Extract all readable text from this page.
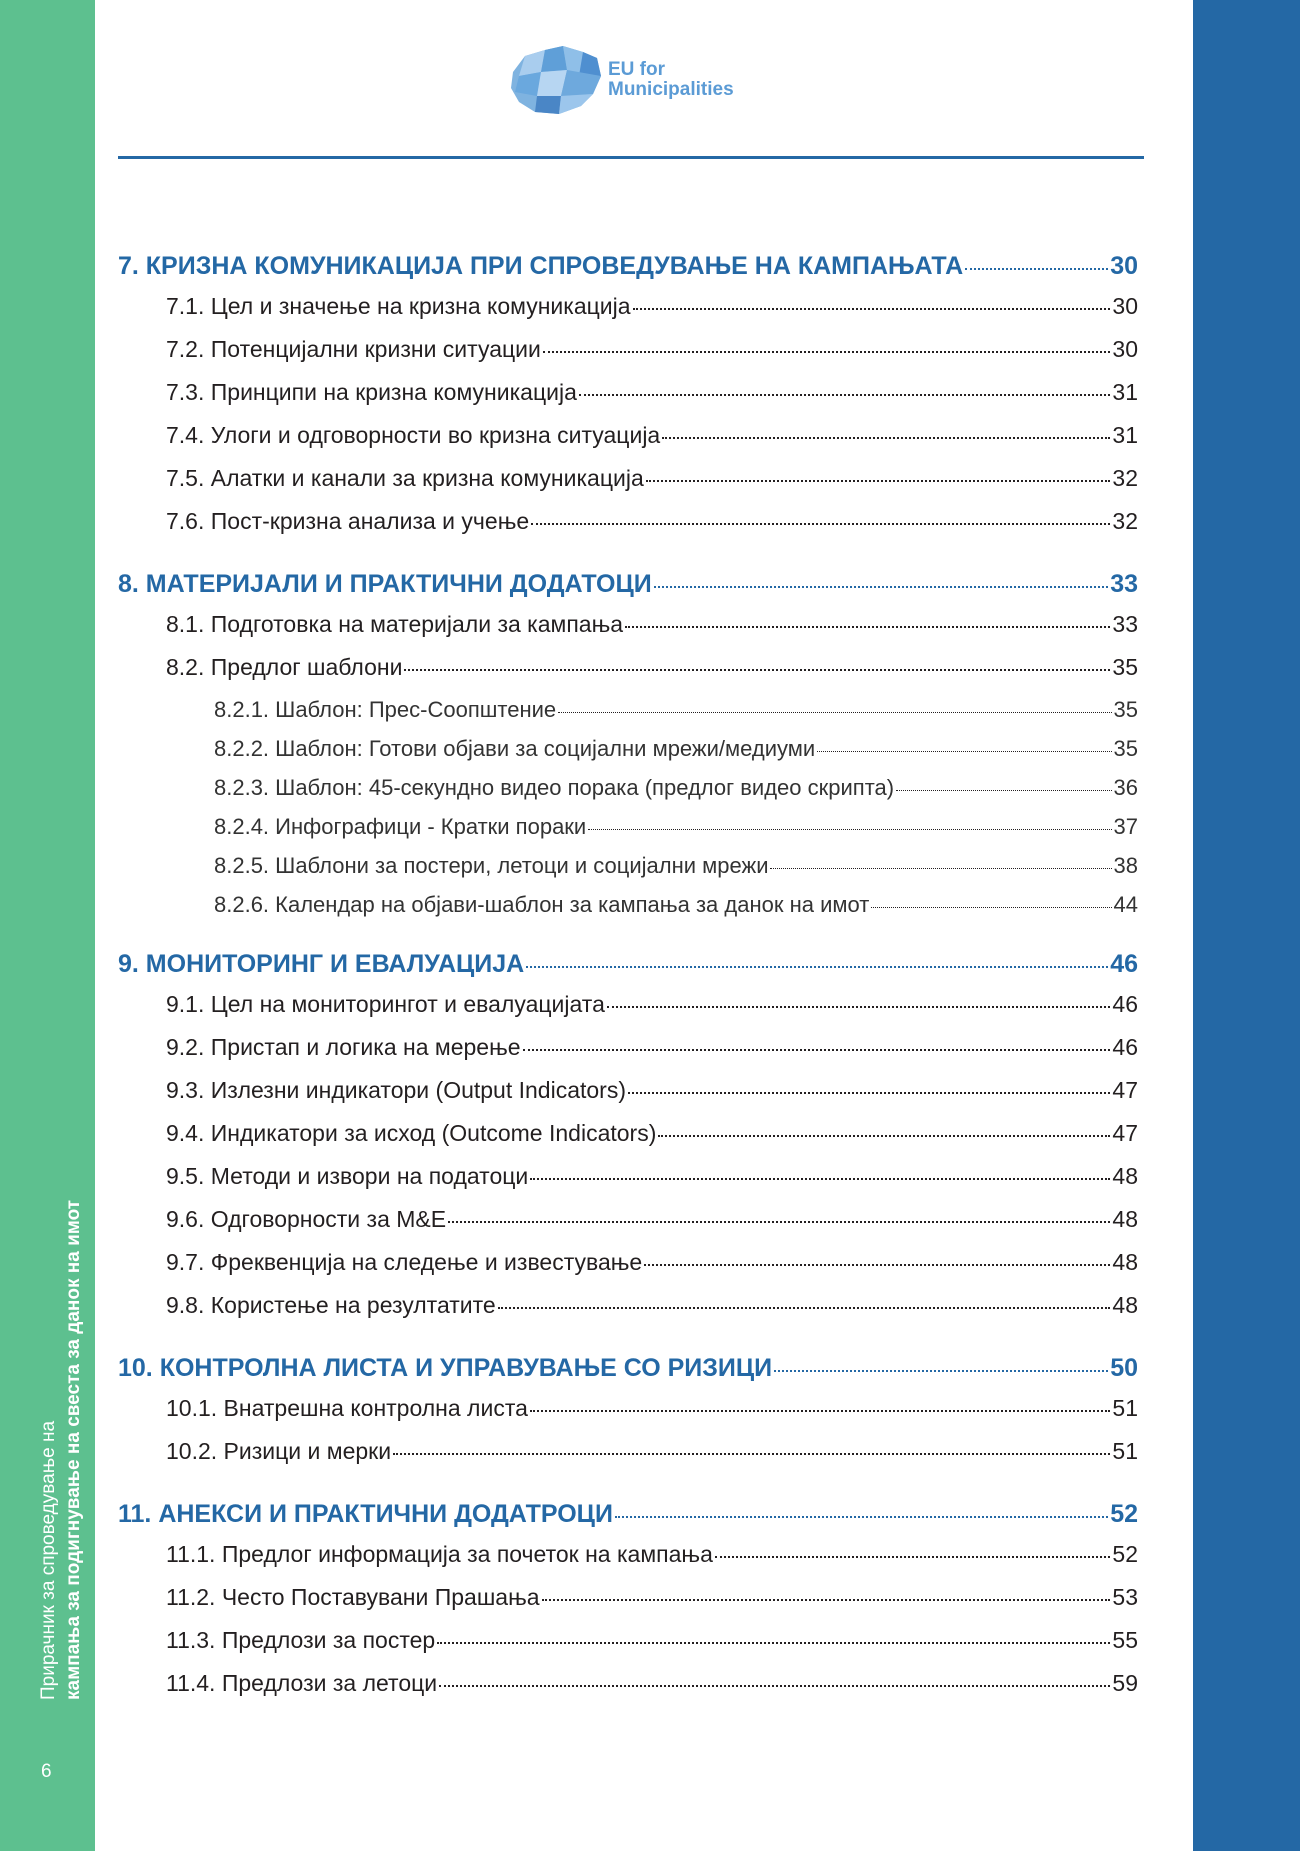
Прирачник за спроведување на кампања за подигнување на свеста за данок на имот
6
EU for
Municipalities
7. КРИЗНА КОМУНИКАЦИЈА ПРИ СПРОВЕДУВАЊЕ НА КАМПАЊАТА	30
7.1. Цел и значење на кризна комуникација	30
7.2. Потенцијални кризни ситуации	30
7.3. Принципи на кризна комуникација	31
7.4. Улоги и одговорности во кризна ситуација	31
7.5. Алатки и канали за кризна комуникација	32
7.6. Пост-кризна анализа и учење	32
8. МАТЕРИЈАЛИ И ПРАКТИЧНИ ДОДАТОЦИ	33
8.1. Подготовка на материјали за кампања	33
8.2. Предлог шаблони	35
8.2.1. Шаблон: Прес-Соопштение	35
8.2.2. Шаблон: Готови објави за социјални мрежи/медиуми	35
8.2.3. Шаблон: 45-секундно видео порака (предлог видео скрипта)	36
8.2.4. Инфографици - Кратки пораки	37
8.2.5. Шаблони за постери, летоци и социјални мрежи	38
8.2.6. Календар на објави-шаблон за кампања за данок на имот	44
9. МОНИТОРИНГ И ЕВАЛУАЦИЈА	46
9.1. Цел на мониторингот и евалуацијата	46
9.2. Пристап и логика на мерење	46
9.3. Излезни индикатори (Output Indicators)	47
9.4. Индикатори за исход (Outcome Indicators)	47
9.5. Методи и извори на податоци	48
9.6. Одговорности за M&E	48
9.7. Фреквенција на следење и известување	48
9.8. Користење на резултатите	48
10. КОНТРОЛНА ЛИСТА И УПРАВУВАЊЕ СО РИЗИЦИ	50
10.1. Внатрешна контролна листа	51
10.2. Ризици и мерки	51
11. АНЕКСИ И ПРАКТИЧНИ ДОДАТРОЦИ	52
11.1. Предлог информација за почеток на кампања	52
11.2. Често Поставувани Прашања	53
11.3. Предлози за постер	55
11.4. Предлози за летоци	59
